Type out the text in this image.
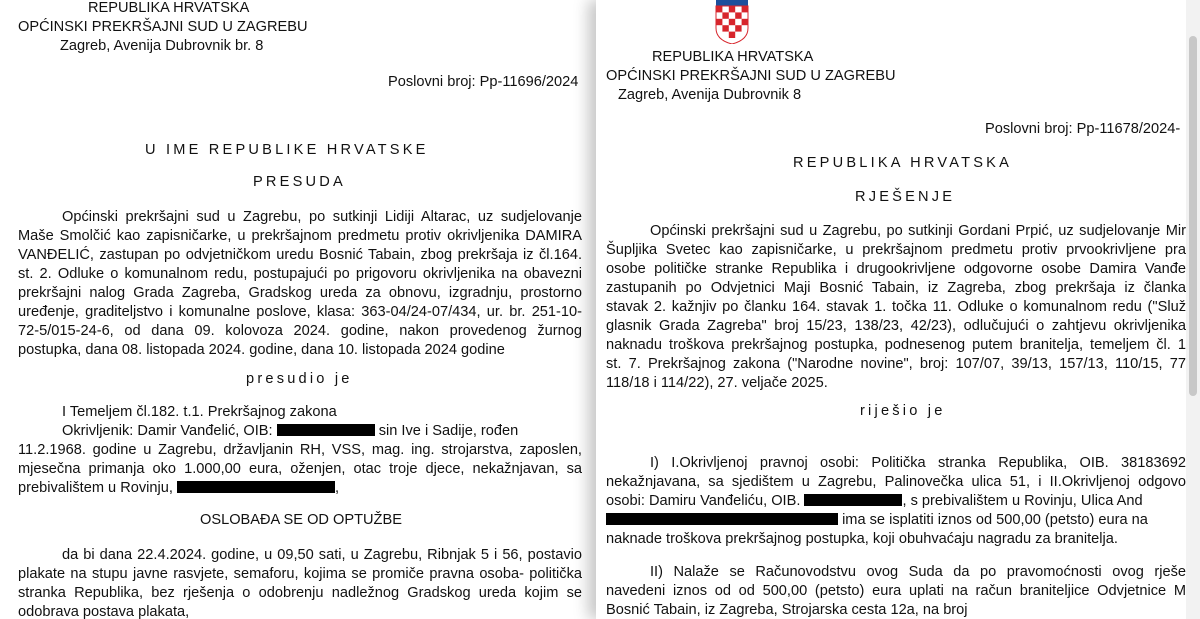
REPUBLIKA HRVATSKA
OPĆINSKI PREKRŠAJNI SUD U ZAGREBU
Zagreb, Avenija Dubrovnik br. 8
Poslovni broj: Pp-11696/2024
U IME REPUBLIKE HRVATSKE
PRESUDA
Općinski prekršajni sud u Zagrebu, po sutkinji Lidiji Altarac, uz sudjelovanje
Maše Smolčić kao zapisničarke, u prekršajnom predmetu protiv okrivljenika DAMIRA
VANĐELIĆ, zastupan po odvjetničkom uredu Bosnić Tabain, zbog prekršaja iz čl.164.
st. 2. Odluke o komunalnom redu, postupajući po prigovoru okrivljenika na obavezni
prekršajni nalog Grada Zagreba, Gradskog ureda za obnovu, izgradnju, prostorno
uređenje, graditeljstvo i komunalne poslove, klasa: 363-04/24-07/434, ur. br. 251-10-
72-5/015-24-6, od dana 09. kolovoza 2024. godine, nakon provedenog žurnog
postupka, dana 08. listopada 2024. godine, dana 10. listopada 2024 godine
presudio je
I Temeljem čl.182. t.1. Prekršajnog zakona
Okrivljenik: Damir Vanđelić, OIB:	sin Ive i Sadije, rođen
11.2.1968. godine u Zagrebu, državljanin RH, VSS, mag. ing. strojarstva, zaposlen,
mjesečna primanja oko 1.000,00 eura, oženjen, otac troje djece, nekažnjavan, sa
prebivalištem u Rovinju,	,
OSLOBAĐA SE OD OPTUŽBE
da bi dana 22.4.2024. godine, u 09,50 sati, u Zagrebu, Ribnjak 5 i 56, postavio
plakate na stupu javne rasvjete, semaforu, kojima se promiče pravna osoba- politička
stranka Republika, bez rješenja o odobrenju nadležnog Gradskog ureda kojim se
odobrava postava plakata,
REPUBLIKA HRVATSKA
OPĆINSKI PREKRŠAJNI SUD U ZAGREBU
Zagreb, Avenija Dubrovnik 8
Poslovni broj: Pp-11678/2024-
REPUBLIKA HRVATSKA
RJEŠENJE
Općinski prekršajni sud u Zagrebu, po sutkinji Gordani Prpić, uz sudjelovanje Mir
Šupljika Svetec kao zapisničarke, u prekršajnom predmetu protiv prvookrivljene pra
osobe političke stranke Republika i drugookrivljene odgovorne osobe Damira Vanđe
zastupanih po Odvjetnici Maji Bosnić Tabain, iz Zagreba, zbog prekršaja iz članka
stavak 2. kažnjiv po članku 164. stavak 1. točka 11. Odluke o komunalnom redu ("Služ
glasnik Grada Zagreba" broj 15/23, 138/23, 42/23), odlučujući o zahtjevu okrivljenika
naknadu troškova prekršajnog postupka, podnesenog putem branitelja, temeljem čl. 1
st. 7. Prekršajnog zakona ("Narodne novine", broj: 107/07, 39/13, 157/13, 110/15, 77
118/18 i 114/22), 27. veljače 2025.
riješio je
I) I.Okrivljenoj pravnoj osobi: Politička stranka Republika, OIB. 38183692
nekažnjavana, sa sjedištem u Zagrebu, Palinovečka ulica 51, i II.Okrivljenoj odgovo
osobi: Damiru Vanđeliću, OIB.	, s prebivalištem u Rovinju, Ulica And
ima se isplatiti iznos od 500,00 (petsto) eura na
naknade troškova prekršajnog postupka, koji obuhvaćaju nagradu za branitelja.
II) Nalaže se Računovodstvu ovog Suda da po pravomoćnosti ovog rješe
navedeni iznos od od 500,00 (petsto) eura uplati na račun braniteljice Odvjetnice M
Bosnić Tabain, iz Zagreba, Strojarska cesta 12a, na broj
